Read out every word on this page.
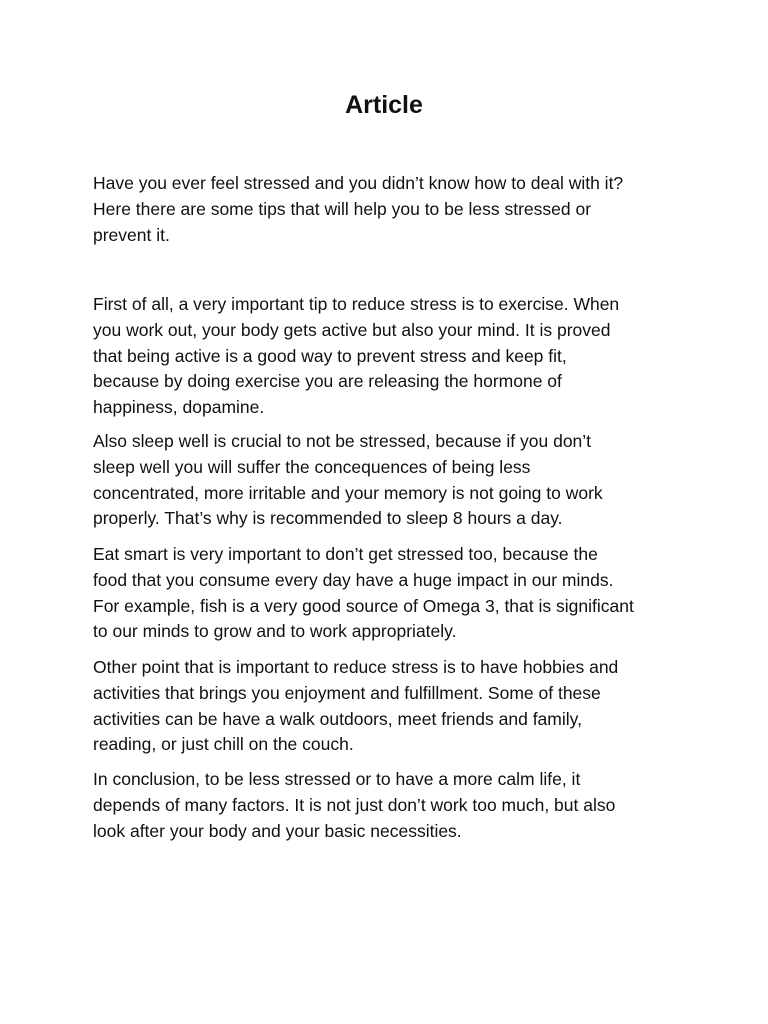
Article

Have you ever feel stressed and you didn’t know how to deal with it?
Here there are some tips that will help you to be less stressed or
prevent it.

First of all, a very important tip to reduce stress is to exercise. When
you work out, your body gets active but also your mind. It is proved
that being active is a good way to prevent stress and keep fit,
because by doing exercise you are releasing the hormone of
happiness, dopamine.

Also sleep well is crucial to not be stressed, because if you don’t
sleep well you will suffer the concequences of being less
concentrated, more irritable and your memory is not going to work
properly. That’s why is recommended to sleep 8 hours a day.

Eat smart is very important to don’t get stressed too, because the
food that you consume every day have a huge impact in our minds.
For example, fish is a very good source of Omega 3, that is significant
to our minds to grow and to work appropriately.

Other point that is important to reduce stress is to have hobbies and
activities that brings you enjoyment and fulfillment. Some of these
activities can be have a walk outdoors, meet friends and family,
reading, or just chill on the couch.

In conclusion, to be less stressed or to have a more calm life, it
depends of many factors. It is not just don’t work too much, but also
look after your body and your basic necessities.
